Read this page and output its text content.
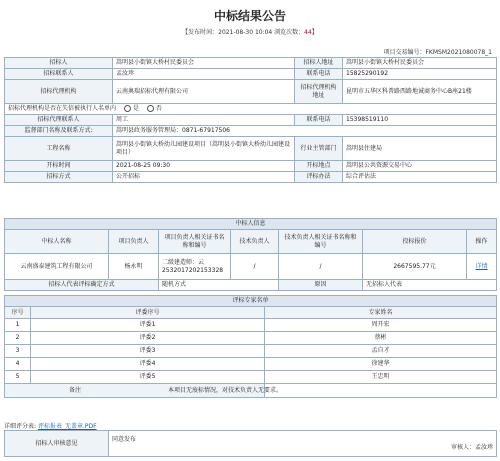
中标结果公告
【发布时间：2021-08-30 10:04 浏览次数：44】
项目交易编号：FKMSM2021080078_1
招标人	嵩明县小街镇大桥村民委员会	招标人地址	嵩明县小街镇大桥村民委员会
招标联系人	孟汝珍	联系电话	15825290192
招标代理机构	云南奥瑞招标代理有限公司	招标代理机构地址	昆明市五华区科普路西路地诚商务中心B座21楼
招标代理机构是否在失信被执行人名单内 是 否			
招标代理联系人	周工	联系电话	15398519110
监督部门名称及联系方式:	嵩明县政务服务管理局：0871-67917506		
工程名称	嵩明县小街镇大桥幼儿园建设项目（嵩明县小街镇大桥幼儿园建设项目）	行业主管部门	嵩明县住建局
开标时间	2021-08-25 09:30	开标地点	嵩明县公共资源交易中心
招标方式	公开招标	评标办法	综合评估法
中标人信息						
中标人名称	项目负责人	项目负责人相关证书名称和编号	技术负责人	技术负责人相关证书名称和编号	投标报价	操作
云南盛泰建筑工程有限公司	杨永明	二级建造师：云2532017202153328	/	/	2667595.77元	详情
招标人代表评标确定方式		随机方式		原因	无招标人代表	
评标专家名单
序号	评委序号	专家姓名
1	评委1	周开宏
2	评委2	蔡彬
3	评委3	孟自才
4	评委4	徐建华
5	评委5	王忠明
备注	本项目无废标情况，对技术负责人无要求。
详细评分表: 评标报表_无盖章.PDF
招标人审核意见	
同意发布
审核人：孟汝珍
